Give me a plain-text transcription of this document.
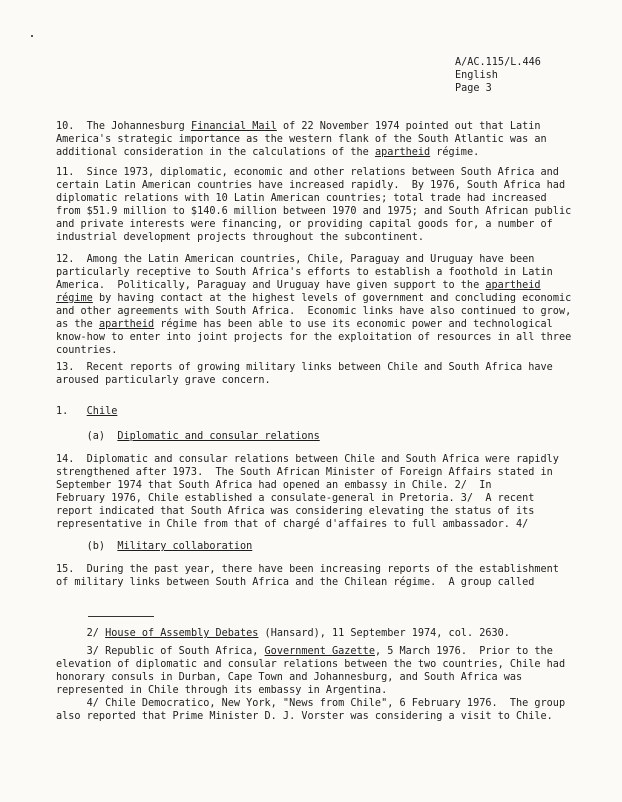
A/AC.115/L.446
English
Page 3
10.  The Johannesburg Financial Mail of 22 November 1974 pointed out that Latin
America's strategic importance as the western flank of the South Atlantic was an
additional consideration in the calculations of the apartheid régime.
11.  Since 1973, diplomatic, economic and other relations between South Africa and
certain Latin American countries have increased rapidly.  By 1976, South Africa had
diplomatic relations with 10 Latin American countries; total trade had increased
from $51.9 million to $140.6 million between 1970 and 1975; and South African public
and private interests were financing, or providing capital goods for, a number of
industrial development projects throughout the subcontinent.
12.  Among the Latin American countries, Chile, Paraguay and Uruguay have been
particularly receptive to South Africa's efforts to establish a foothold in Latin
America.  Politically, Paraguay and Uruguay have given support to the apartheid
régime by having contact at the highest levels of government and concluding economic
and other agreements with South Africa.  Economic links have also continued to grow,
as the apartheid régime has been able to use its economic power and technological
know-how to enter into joint projects for the exploitation of resources in all three
countries.
13.  Recent reports of growing military links between Chile and South Africa have
aroused particularly grave concern.
1.   Chile
(a)  Diplomatic and consular relations
14.  Diplomatic and consular relations between Chile and South Africa were rapidly
strengthened after 1973.  The South African Minister of Foreign Affairs stated in
September 1974 that South Africa had opened an embassy in Chile. 2/  In
February 1976, Chile established a consulate-general in Pretoria. 3/  A recent
report indicated that South Africa was considering elevating the status of its
representative in Chile from that of chargé d'affaires to full ambassador. 4/
(b)  Military collaboration
15.  During the past year, there have been increasing reports of the establishment
of military links between South Africa and the Chilean régime.  A group called
2/ House of Assembly Debates (Hansard), 11 September 1974, col. 2630.
3/ Republic of South Africa, Government Gazette, 5 March 1976.  Prior to the
elevation of diplomatic and consular relations between the two countries, Chile had
honorary consuls in Durban, Cape Town and Johannesburg, and South Africa was
represented in Chile through its embassy in Argentina.
4/ Chile Democratico, New York, "News from Chile", 6 February 1976.  The group
also reported that Prime Minister D. J. Vorster was considering a visit to Chile.
